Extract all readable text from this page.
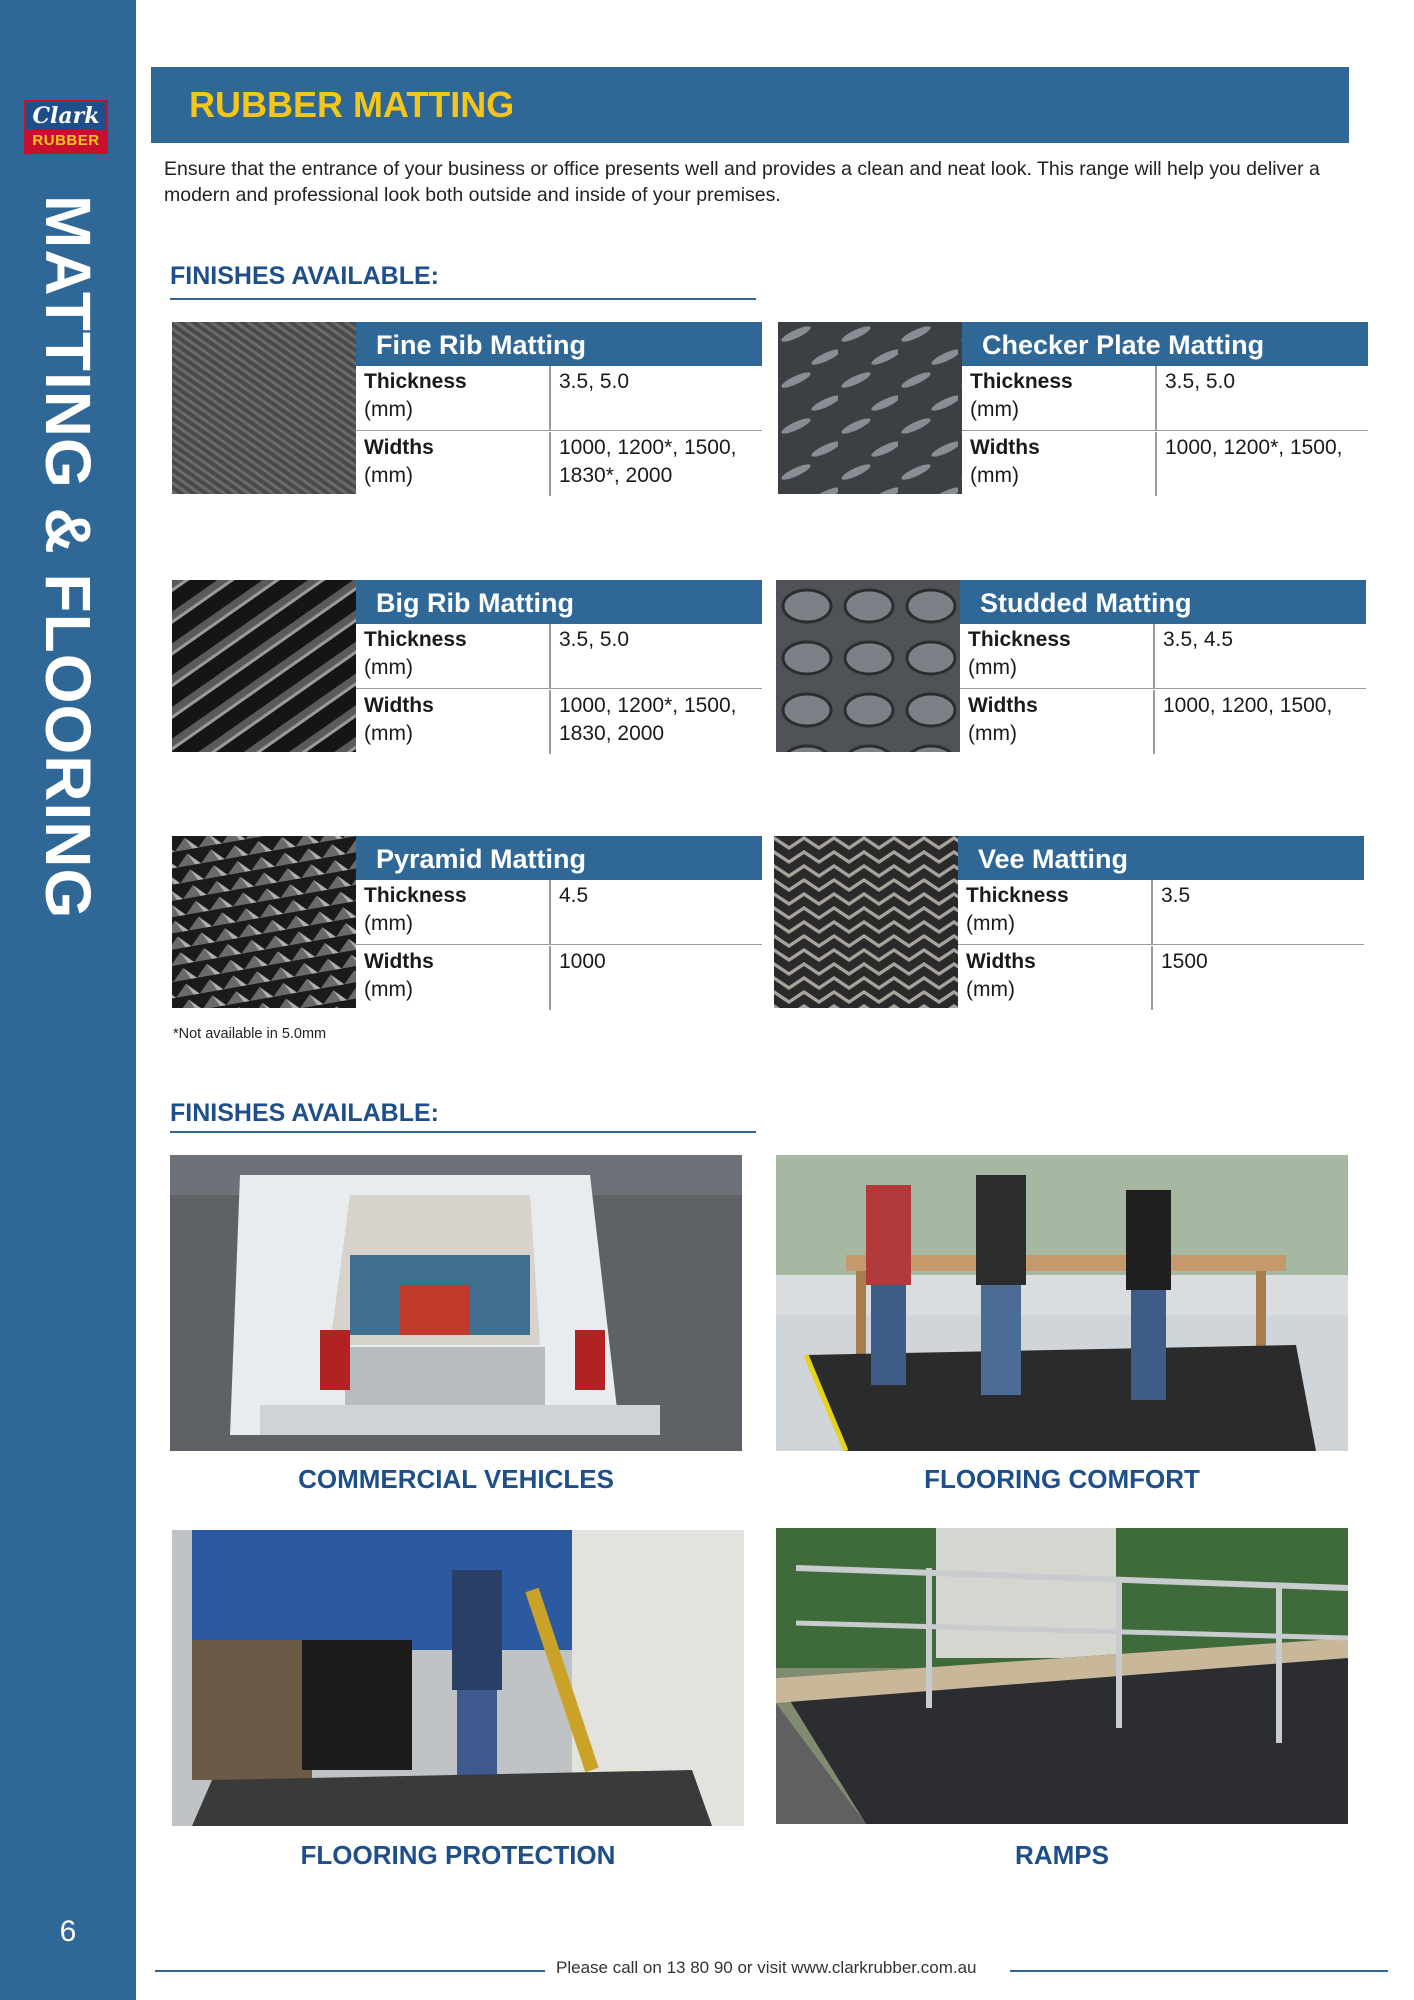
Clark
RUBBER
MATTING & FLOORING
6
RUBBER MATTING
Ensure that the entrance of your business or office presents well and provides a clean and neat look. This range will help you deliver a modern and professional look both outside and inside of your premises.
FINISHES AVAILABLE:
Fine Rib Matting
Thickness
(mm)
3.5, 5.0
Widths
(mm)
1000, 1200*, 1500,
1830*, 2000
Checker Plate Matting
Thickness
(mm)
3.5, 5.0
Widths
(mm)
1000, 1200*, 1500,
Big Rib Matting
Thickness
(mm)
3.5, 5.0
Widths
(mm)
1000, 1200*, 1500,
1830, 2000
Studded Matting
Thickness
(mm)
3.5, 4.5
Widths
(mm)
1000, 1200, 1500,
Pyramid Matting
Thickness
(mm)
4.5
Widths
(mm)
1000
Vee Matting
Thickness
(mm)
3.5
Widths
(mm)
1500
*Not available in 5.0mm
FINISHES AVAILABLE:
COMMERCIAL VEHICLES	FLOORING COMFORT
FLOORING PROTECTION	RAMPS
Please call on 13 80 90 or visit www.clarkrubber.com.au
